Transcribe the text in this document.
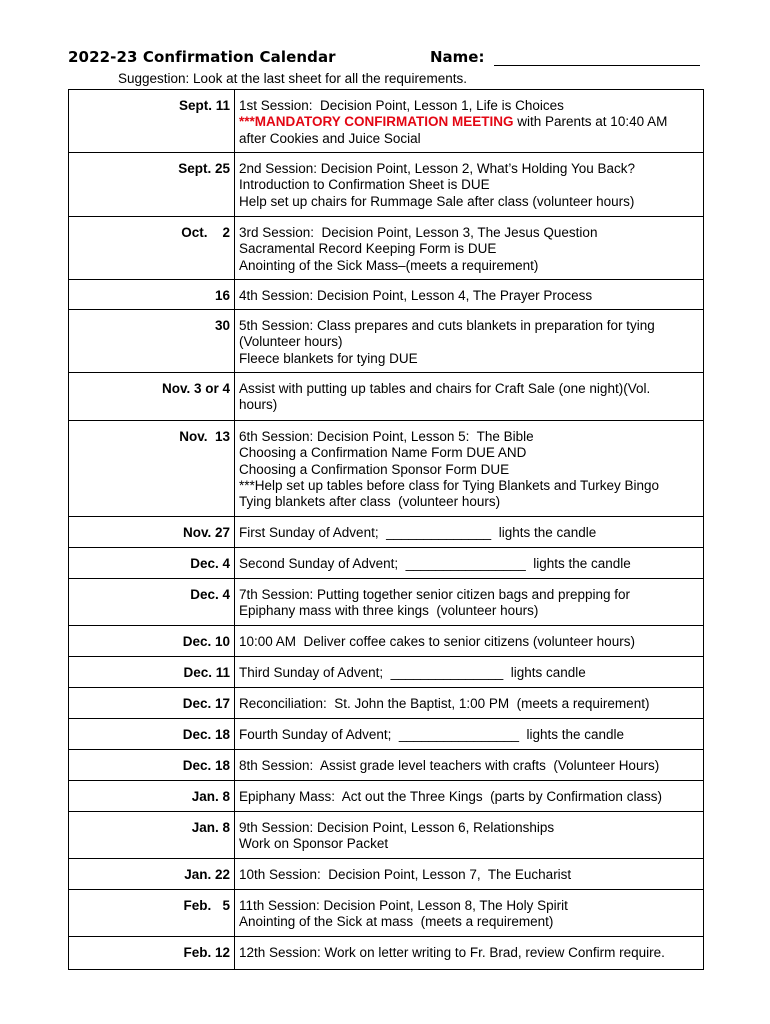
2022-23 Confirmation Calendar	Name:
Suggestion: Look at the last sheet for all the requirements.
Sept. 11	1st Session:  Decision Point, Lesson 1, Life is Choices
***MANDATORY CONFIRMATION MEETING with Parents at 10:40 AM
after Cookies and Juice Social

Sept. 25	2nd Session: Decision Point, Lesson 2, What’s Holding You Back?
Introduction to Confirmation Sheet is DUE
Help set up chairs for Rummage Sale after class (volunteer hours)

Oct.    2	3rd Session:  Decision Point, Lesson 3, The Jesus Question
Sacramental Record Keeping Form is DUE
Anointing of the Sick Mass–(meets a requirement)

16	4th Session: Decision Point, Lesson 4, The Prayer Process

30	5th Session: Class prepares and cuts blankets in preparation for tying
(Volunteer hours)
Fleece blankets for tying DUE

Nov. 3 or 4	Assist with putting up tables and chairs for Craft Sale (one night)(Vol.
hours)

Nov.  13	6th Session: Decision Point, Lesson 5:  The Bible
Choosing a Confirmation Name Form DUE AND
Choosing a Confirmation Sponsor Form DUE
***Help set up tables before class for Tying Blankets and Turkey Bingo
Tying blankets after class  (volunteer hours)

Nov. 27	First Sunday of Advent;  ______________  lights the candle

Dec. 4	Second Sunday of Advent;  ________________  lights the candle

Dec. 4	7th Session: Putting together senior citizen bags and prepping for
Epiphany mass with three kings  (volunteer hours)

Dec. 10	10:00 AM  Deliver coffee cakes to senior citizens (volunteer hours)

Dec. 11	Third Sunday of Advent;  _______________  lights candle

Dec. 17	Reconciliation:  St. John the Baptist, 1:00 PM  (meets a requirement)

Dec. 18	Fourth Sunday of Advent;  ________________  lights the candle

Dec. 18	8th Session:  Assist grade level teachers with crafts  (Volunteer Hours)

Jan. 8	Epiphany Mass:  Act out the Three Kings  (parts by Confirmation class)

Jan. 8	9th Session: Decision Point, Lesson 6, Relationships
Work on Sponsor Packet

Jan. 22	10th Session:  Decision Point, Lesson 7,  The Eucharist

Feb.   5	11th Session: Decision Point, Lesson 8, The Holy Spirit
Anointing of the Sick at mass  (meets a requirement)

Feb. 12	12th Session: Work on letter writing to Fr. Brad, review Confirm require.
